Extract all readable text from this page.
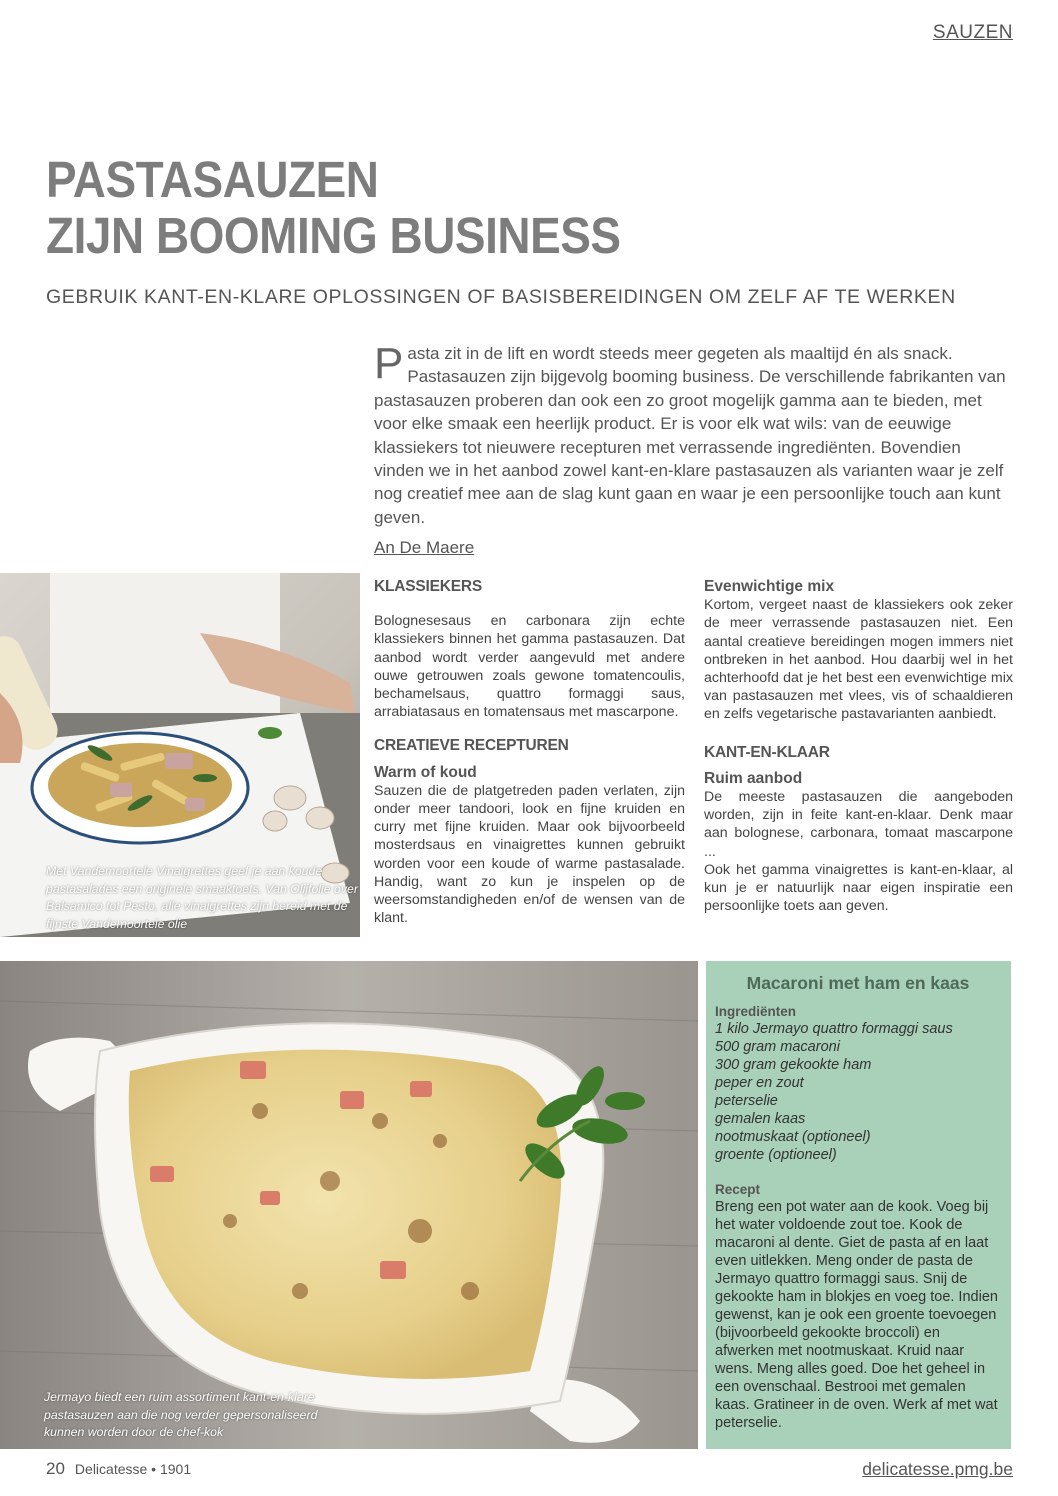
SAUZEN
PASTASAUZEN
ZIJN BOOMING BUSINESS
GEBRUIK KANT-EN-KLARE OPLOSSINGEN OF BASISBEREIDINGEN OM ZELF AF TE WERKEN
Pasta zit in de lift en wordt steeds meer gegeten als maaltijd én als snack. Pastasauzen zijn bijgevolg booming business. De verschillende fabrikanten van pastasauzen proberen dan ook een zo groot mogelijk gamma aan te bieden, met voor elke smaak een heerlijk product. Er is voor elk wat wils: van de eeuwige klassiekers tot nieuwere recepturen met verrassende ingrediënten. Bovendien vinden we in het aanbod zowel kant-en-klare pastasauzen als varianten waar je zelf nog creatief mee aan de slag kunt gaan en waar je een persoonlijke touch aan kunt geven.
An De Maere
Met Vandemoortele Vinaigrettes geef je aan koude pastasalades een originele smaaktoets. Van Olijfolie over Balsamico tot Pesto, alle vinaigrettes zijn bereid met de fijnste Vandemoortele olie
KLASSIEKERS

Bolognesesaus en carbonara zijn echte klassiekers binnen het gamma pastasauzen. Dat aanbod wordt verder aangevuld met andere ouwe getrouwen zoals gewone tomatencoulis, bechamelsaus, quattro formaggi saus, arrabiatasaus en tomatensaus met mascarpone.

CREATIEVE RECEPTUREN
Warm of koud

Sauzen die de platgetreden paden verlaten, zijn onder meer tandoori, look en fijne kruiden en curry met fijne kruiden. Maar ook bijvoorbeeld mosterdsaus en vinaigrettes kunnen gebruikt worden voor een koude of warme pastasalade. Handig, want zo kun je inspelen op de weersomstandigheden en/of de wensen van de klant.

Evenwichtige mix

Kortom, vergeet naast de klassiekers ook zeker de meer verrassende pastasauzen niet. Een aantal creatieve bereidingen mogen immers niet ontbreken in het aanbod. Hou daarbij wel in het achterhoofd dat je het best een evenwichtige mix van pastasauzen met vlees, vis of schaaldieren en zelfs vegetarische pastavarianten aanbiedt.

KANT-EN-KLAAR
Ruim aanbod

De meeste pastasauzen die aangeboden worden, zijn in feite kant-en-klaar. Denk maar aan bolognese, carbonara, tomaat mascarpone ...

Ook het gamma vinaigrettes is kant-en-klaar, al kun je er natuurlijk naar eigen inspiratie een persoonlijke toets aan geven.

Jermayo biedt een ruim assortiment kant-en-klare pastasauzen aan die nog verder gepersonaliseerd kunnen worden door de chef-kok
Macaroni met ham en kaas
Ingrediënten
1 kilo Jermayo quattro formaggi saus
500 gram macaroni
300 gram gekookte ham
peper en zout
peterselie
gemalen kaas
nootmuskaat (optioneel)
groente (optioneel)
Recept
Breng een pot water aan de kook. Voeg bij het water voldoende zout toe. Kook de macaroni al dente. Giet de pasta af en laat even uitlekken. Meng onder de pasta de Jermayo quattro formaggi saus. Snij de gekookte ham in blokjes en voeg toe. Indien gewenst, kan je ook een groente toevoegen (bijvoorbeeld gekookte broccoli) en afwerken met nootmuskaat. Kruid naar wens. Meng alles goed. Doe het geheel in een ovenschaal. Bestrooi met gemalen kaas. Gratineer in de oven. Werk af met wat peterselie.
20 Delicatesse • 1901	delicatesse.pmg.be
